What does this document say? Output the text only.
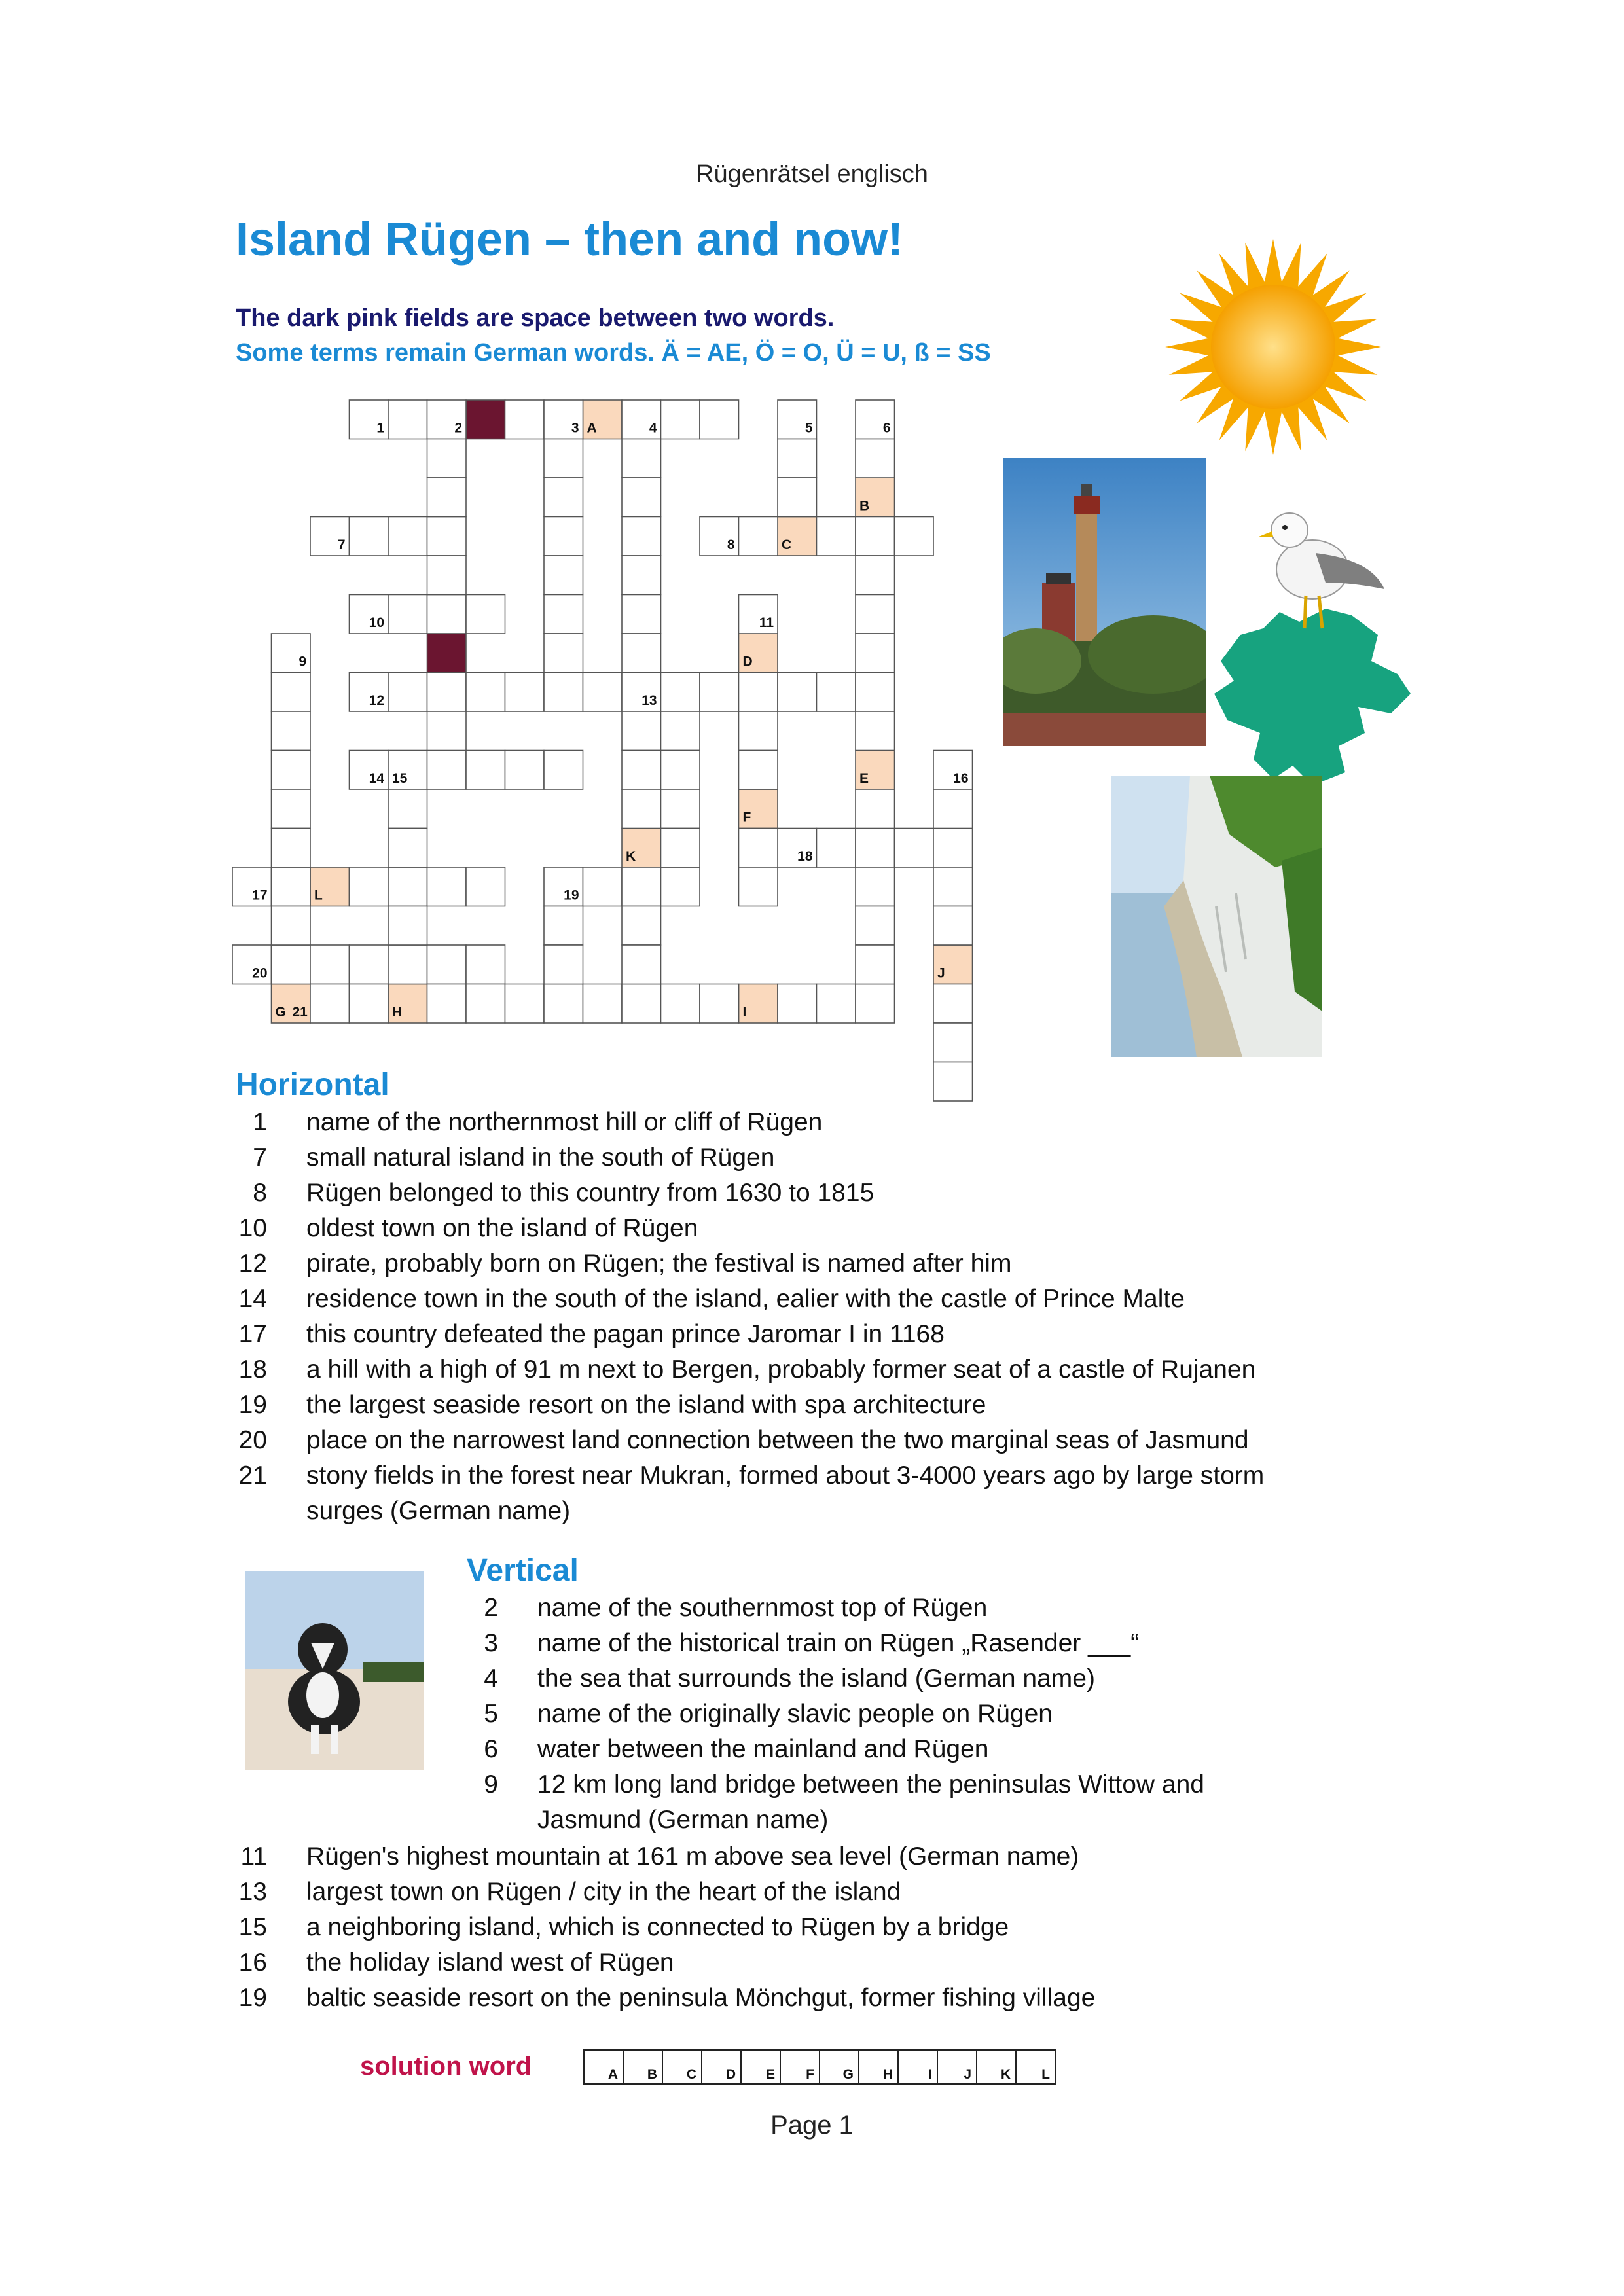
Rügenrätsel englisch
Island Rügen – then and now!
The dark pink fields are space between two words.
Some terms remain German words. Ä = AE, Ö = O, Ü = U, ß = SS
1	2	3	4	5	6
7	8
10	11
9
12	13
14 15	16
18
17	19
20
A
B
C
D
E
F
K
L
G	H	I
J
21
Horizontal
1 name of the northernmost hill or cliff of Rügen
7 small natural island in the south of Rügen
8 Rügen belonged to this country from 1630 to 1815
10 oldest town on the island of Rügen
12 pirate, probably born on Rügen; the festival is named after him
14 residence town in the south of the island, ealier with the castle of Prince Malte
17 this country defeated the pagan prince Jaromar I in 1168
18 a hill with a high of 91 m next to Bergen, probably former seat of a castle of Rujanen
19 the largest seaside resort on the island with spa architecture
20 place on the narrowest land connection between the two marginal seas of Jasmund
21 stony fields in the forest near Mukran, formed about 3-4000 years ago by large storm
surges (German name)
Vertical
2 name of the southernmost top of Rügen
3 name of the historical train on Rügen „Rasender ___“
4 the sea that surrounds the island (German name)
5 name of the originally slavic people on Rügen
6 water between the mainland and Rügen
9 12 km long land bridge between the peninsulas Wittow and
Jasmund (German name)
11 Rügen's highest mountain at 161 m above sea level (German name)
13 largest town on Rügen / city in the heart of the island
15 a neighboring island, which is connected to Rügen by a bridge
16 the holiday island west of Rügen
19 baltic seaside resort on the peninsula Mönchgut, former fishing village
solution word	A B C D E F G H	I J K L
Page 1
